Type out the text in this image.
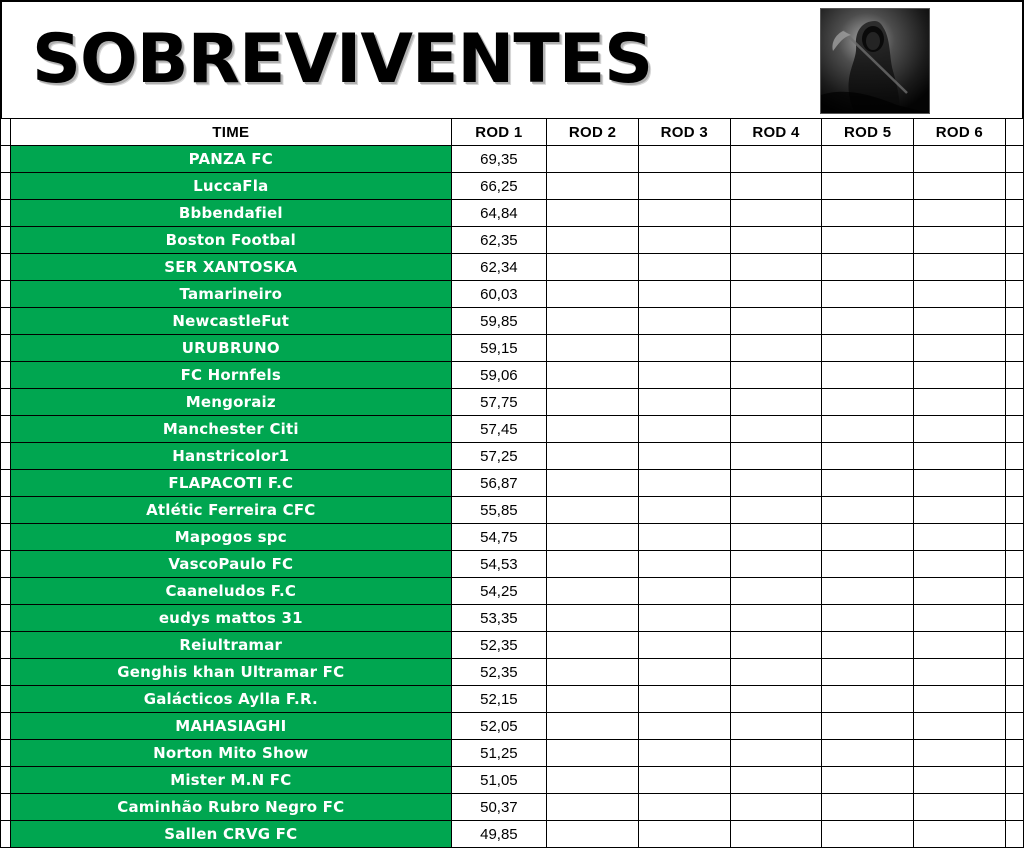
SOBREVIVENTES
	TIME	ROD 1	ROD 2	ROD 3	ROD 4	ROD 5	ROD 6	
	PANZA FC	69,35						
	LuccaFla	66,25						
	Bbbendafiel	64,84						
	Boston Footbal	62,35						
	SER XANTOSKA	62,34						
	Tamarineiro	60,03						
	NewcastleFut	59,85						
	URUBRUNO	59,15						
	FC Hornfels	59,06						
	Mengoraiz	57,75						
	Manchester Citi	57,45						
	Hanstricolor1	57,25						
	FLAPACOTI F.C	56,87						
	Atlétic Ferreira CFC	55,85						
	Mapogos spc	54,75						
	VascoPaulo FC	54,53						
	Caaneludos F.C	54,25						
	eudys mattos 31	53,35						
	Reiultramar	52,35						
	Genghis khan Ultramar FC	52,35						
	Galácticos Aylla F.R.	52,15						
	MAHASIAGHI	52,05						
	Norton Mito Show	51,25						
	Mister M.N FC	51,05						
	Caminhão Rubro Negro FC	50,37						
	Sallen CRVG FC	49,85						
